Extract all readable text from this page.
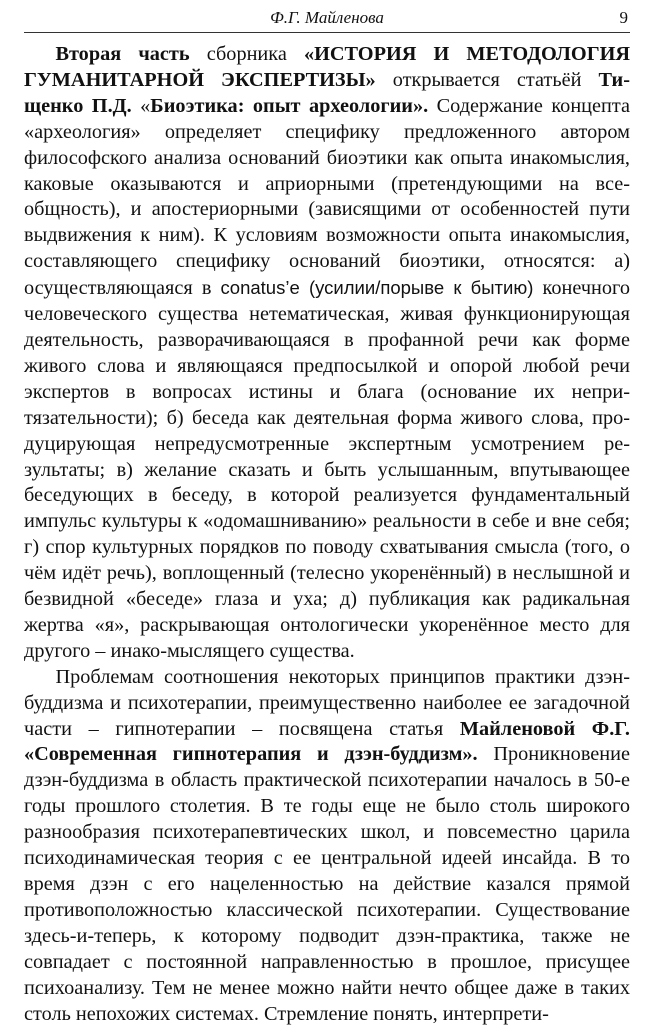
Ф.Г. Майленова	9

Вторая часть сборника «ИСТОРИЯ И МЕТОДОЛОГИЯ ГУМАНИТАРНОЙ ЭКСПЕРТИЗЫ» открывается статьёй Тищенко П.Д. «Биоэтика: опыт археологии». Содержание концепта «археология» определяет специфику предложенного автором философского анализа оснований биоэтики как опыта инакомыслия, каковые оказываются и априорными (претендующими на всеобщность), и апостериорными (зависящими от особенностей пути выдвижения к ним). К условиям возможности опыта инакомыслия, составляющего специфику оснований биоэтики, относятся: а) осуществляющаяся в conatus’е (усилии/порыве к бытию) конечного человеческого существа нетематическая, живая функционирующая деятельность, разворачивающаяся в профанной речи как форме живого слова и являющаяся предпосылкой и опорой любой речи экспертов в вопросах истины и блага (основание их непритязательности); б) беседа как деятельная форма живого слова, продуцирующая непредусмотренные экспертным усмотрением результаты; в) желание сказать и быть услышанным, впутывающее беседующих в беседу, в которой реализуется фундаментальный импульс культуры к «одомашниванию» реальности в себе и вне себя; г) спор культурных порядков по поводу схватывания смысла (того, о чём идёт речь), воплощенный (телесно укоренённый) в неслышной и безвидной «беседе» глаза и уха; д) публикация как радикальная жертва «я», раскрывающая онтологически укоренённое место для другого – инако-мыслящего существа.

Проблемам соотношения некоторых принципов практики дзэн-буддизма и психотерапии, преимущественно наиболее ее загадочной части – гипнотерапии – посвящена статья Майленовой Ф.Г. «Современная гипнотерапия и дзэн-буддизм». Проникновение дзэн-буддизма в область практической психотерапии началось в 50-е годы прошлого столетия. В те годы еще не было столь широкого разнообразия психотерапевтических школ, и повсеместно царила психодинамическая теория с ее центральной идеей инсайда. В то время дзэн с его нацеленностью на действие казался прямой противоположностью классической психотерапии. Существование здесь-и-теперь, к которому подводит дзэн-практика, также не совпадает с постоянной направленностью в прошлое, присущее психоанализу. Тем не менее можно найти нечто общее даже в таких столь непохожих системах. Стремление понять, интерпрети-
